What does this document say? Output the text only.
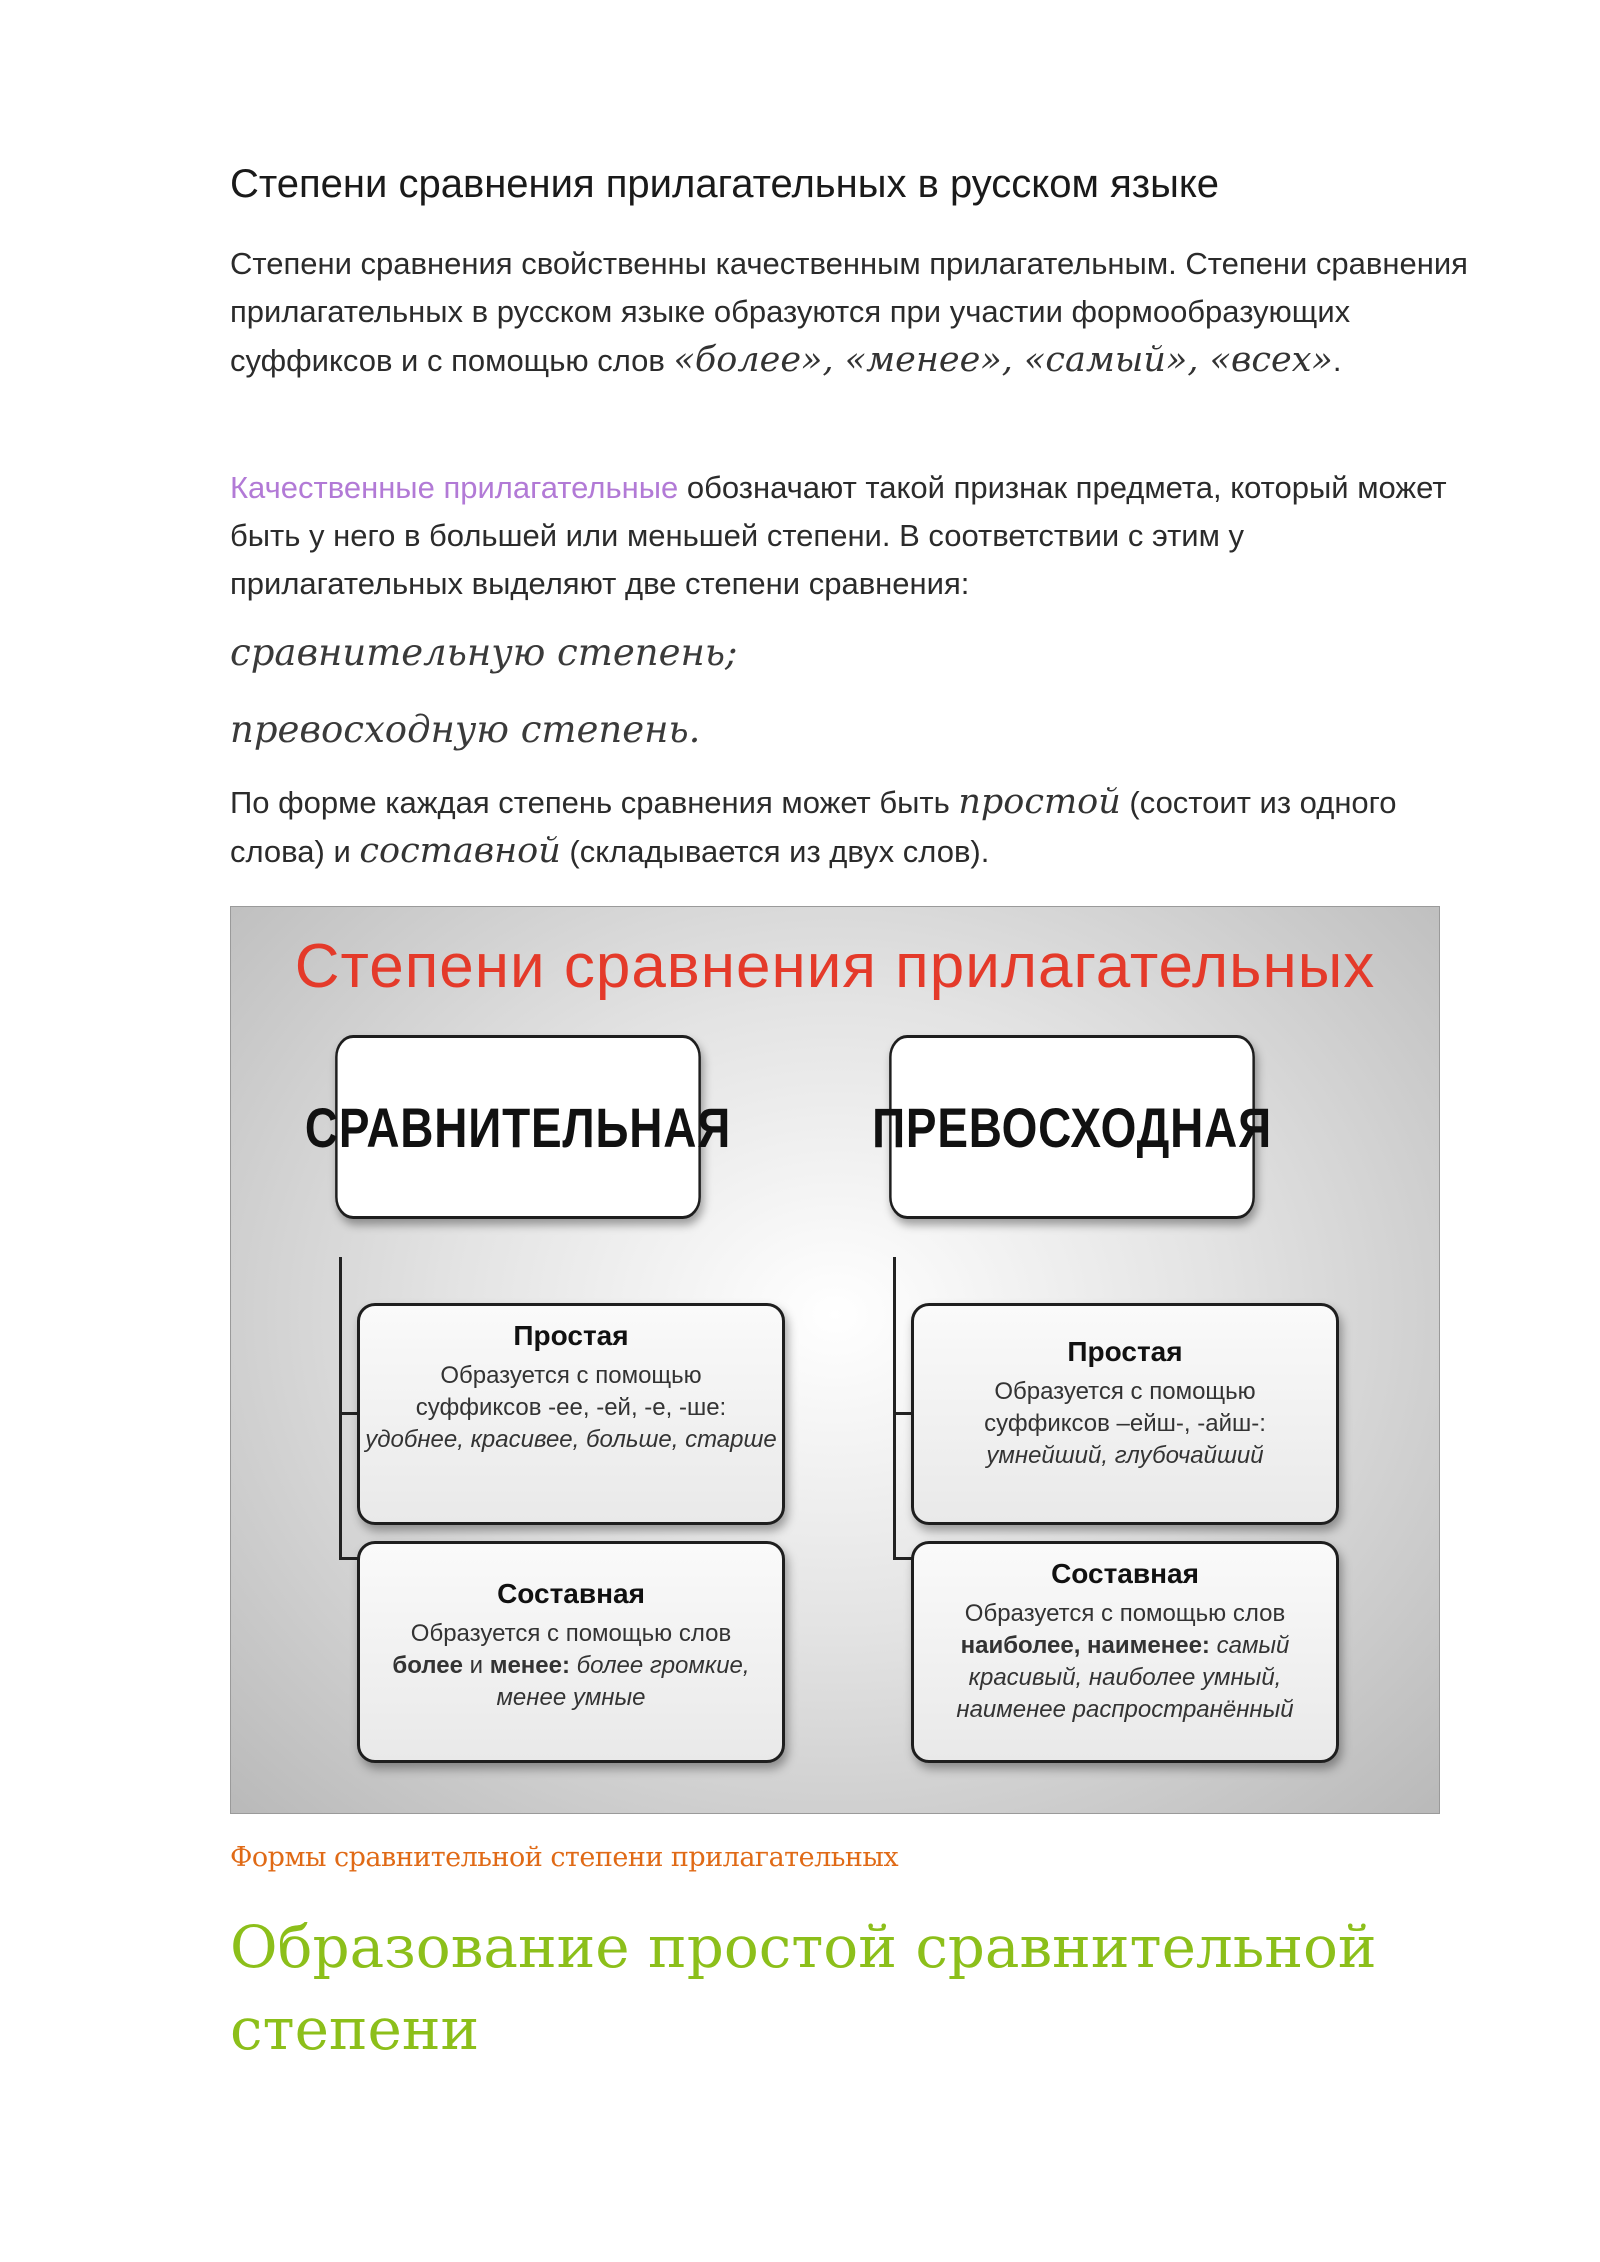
Степени сравнения прилагательных в русском языке
Степени сравнения свойственны качественным прилагательным. Степени сравнения прилагательных в русском языке образуются при участии формообразующих суффиксов и с помощью слов «более», «менее», «самый», «всех».
Качественные прилагательные обозначают такой признак предмета, который может быть у него в большей или меньшей степени. В соответствии с этим у прилагательных выделяют две степени сравнения:
сравнительную степень;
превосходную степень.
По форме каждая степень сравнения может быть простой (состоит из одного слова) и составной (складывается из двух слов).
Степени сравнения прилагательных
СРАВНИТЕЛЬНАЯ	ПРЕВОСХОДНАЯ
Простая
Образуется с помощью
суффиксов -ее, -ей, -е, -ше:
удобнее, красивее, больше, старше
Составная
Образуется с помощью слов
более и менее: более громкие, менее умные
Простая
Образуется с помощью
суффиксов –ейш-, -айш-:
умнейший, глубочайший
Составная
Образуется с помощью слов
наиболее, наименее: самый красивый, наиболее умный, наименее распространённый
Формы сравнительной степени прилагательных
Образование простой сравнительной степени
